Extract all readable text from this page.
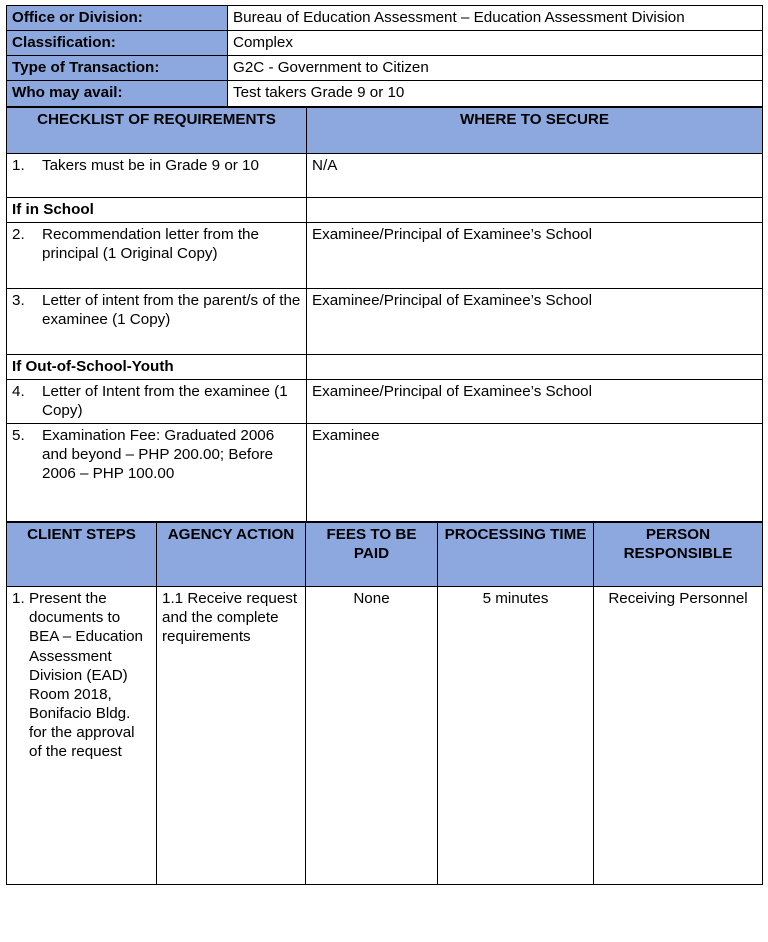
Office or Division:	Bureau of Education Assessment – Education Assessment Division
Classification:	Complex
Type of Transaction:	G2C - Government to Citizen
Who may avail:	Test takers Grade 9 or 10
CHECKLIST OF REQUIREMENTS	WHERE TO SECURE

1. Takers must be in Grade 9 or 10	N/A
If in School	

2. Recommendation letter from the principal (1 Original Copy)	Examinee/Principal of Examinee’s School

3. Letter of intent from the parent/s of the examinee (1 Copy)	Examinee/Principal of Examinee’s School
If Out-of-School-Youth	

4. Letter of Intent from the examinee (1 Copy)	Examinee/Principal of Examinee’s School

5. Examination Fee: Graduated 2006 and beyond – PHP 200.00; Before 2006 – PHP 100.00	Examinee
CLIENT STEPS	AGENCY ACTION	FEES TO BE PAID	PROCESSING TIME	PERSON RESPONSIBLE

1. Present the documents to BEA – Education Assessment Division (EAD) Room 2018, Bonifacio Bldg. for the approval of the request	1.1 Receive request and the complete requirements	None	5 minutes	Receiving Personnel
